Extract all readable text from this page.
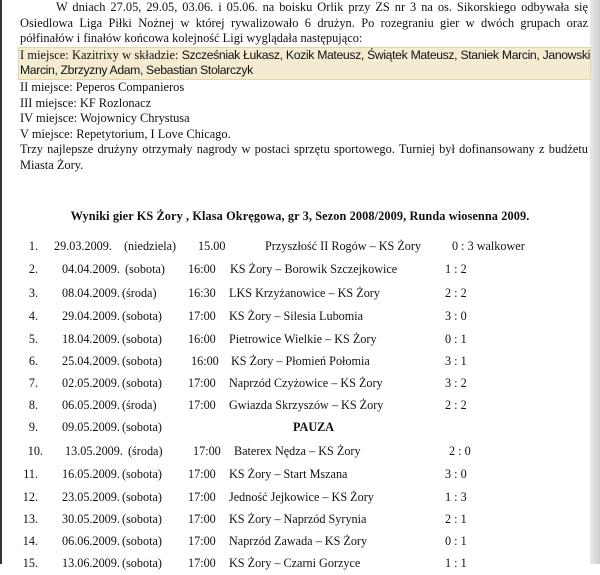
W dniach 27.05, 29.05, 03.06. i 05.06. na boisku Orlik przy ZS nr 3 na os. Sikorskiego odbywała się Osiedlowa Liga Piłki Nożnej w której rywalizowało 6 drużyn. Po rozegraniu gier w dwóch grupach oraz półfinałów i finałów końcowa kolejność Ligi wyglądała następująco:

I miejsce: Kazitrixy w składzie: Szcześniak Łukasz, Kozik Mateusz, Świątek Mateusz, Staniek Marcin, Janowski Marcin, Zbrzyzny Adam, Sebastian Stolarczyk

II miejsce: Peperos Companieros

III miejsce: KF Rozlonacz

IV miejsce: Wojownicy Chrystusa

V miejsce: Repetytorium, I Love Chicago.

Trzy najlepsze drużyny otrzymały nagrody w postaci sprzętu sportowego. Turniej był dofinansowany z budżetu Miasta Żory.

Wyniki gier KS Żory , Klasa Okręgowa, gr 3, Sezon 2008/2009, Runda wiosenna 2009.
1. 29.03.2009. (niedziela) 15.00	Przyszłość II Rogów – KS Żory	0 : 3 walkower
2. 04.04.2009. (sobota) 16:00 KS Żory – Borowik Szczejkowice	1 : 2
3. 08.04.2009. (środa)	16:30 LKS Krzyżanowice – KS Żory	2 : 2
4. 29.04.2009. (sobota) 17:00 KS Żory – Silesia Lubomia	3 : 0
5. 18.04.2009. (sobota) 16:00 Pietrowice Wielkie – KS Żory	0 : 1
6. 25.04.2009. (sobota) 16:00 KS Żory – Płomień Połomia	3 : 1
7. 02.05.2009. (sobota) 17:00 Naprzód Czyżowice – KS Żory	3 : 2
8. 06.05.2009. (środa)	17:00 Gwiazda Skrzyszów – KS Żory	2 : 2
9. 09.05.2009. (sobota)	PAUZA
10. 13.05.2009. (środa) 17:00 Baterex Nędza – KS Żory	2 : 0
11. 16.05.2009. (sobota) 17:00 KS Żory – Start Mszana	3 : 0
12. 23.05.2009. (sobota) 17:00 Jedność Jejkowice – KS Żory	1 : 3
13. 30.05.2009. (sobota) 17:00 KS Żory – Naprzód Syrynia	2 : 1
14. 06.06.2009. (sobota) 17:00 Naprzód Zawada – KS Żory	0 : 1
15. 13.06.2009. (sobota) 17:00 KS Żory – Czarni Gorzyce	1 : 1
